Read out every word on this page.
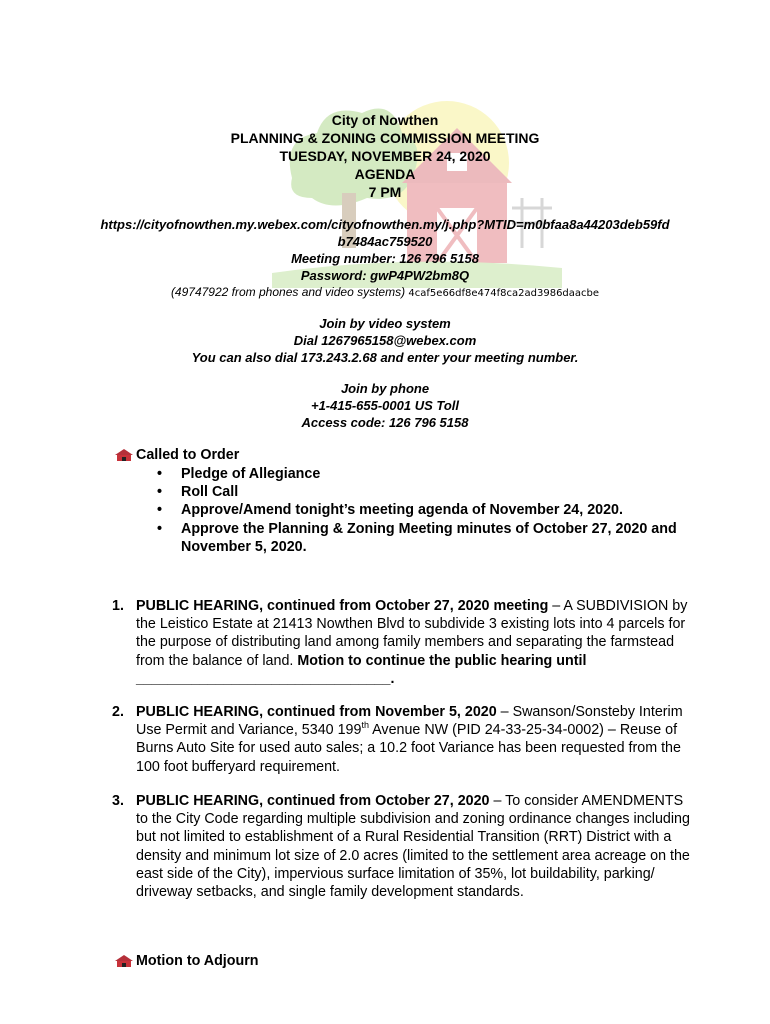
City of Nowthen
PLANNING & ZONING COMMISSION MEETING
TUESDAY, NOVEMBER 24, 2020
AGENDA
7 PM
https://cityofnowthen.my.webex.com/cityofnowthen.my/j.php?MTID=m0bfaa8a44203deb59fd
b7484ac759520
Meeting number: 126 796 5158
Password: gwP4PW2bm8Q
(49747922 from phones and video systems) 4caf5e66df8e474f8ca2ad3986daacbe
Join by video system
Dial 1267965158@webex.com
You can also dial 173.243.2.68 and enter your meeting number.
Join by phone
+1-415-655-0001 US Toll
Access code: 126 796 5158
Called to Order
• Pledge of Allegiance
• Roll Call
• Approve/Amend tonight’s meeting agenda of November 24, 2020.
• Approve the Planning & Zoning Meeting minutes of October 27, 2020 and November 5, 2020.
1. PUBLIC HEARING, continued from October 27, 2020 meeting – A SUBDIVISION by the Leistico Estate at 21413 Nowthen Blvd to subdivide 3 existing lots into 4 parcels for the purpose of distributing land among family members and separating the farmstead from the balance of land. Motion to continue the public hearing until ________________________________.
2. PUBLIC HEARING, continued from November 5, 2020 – Swanson/Sonsteby Interim Use Permit and Variance, 5340 199th Avenue NW (PID 24-33-25-34-0002) – Reuse of Burns Auto Site for used auto sales; a 10.2 foot Variance has been requested from the 100 foot bufferyard requirement.
3. PUBLIC HEARING, continued from October 27, 2020 – To consider AMENDMENTS to the City Code regarding multiple subdivision and zoning ordinance changes including but not limited to establishment of a Rural Residential Transition (RRT) District with a density and minimum lot size of 2.0 acres (limited to the settlement area acreage on the east side of the City), impervious surface limitation of 35%, lot buildability, parking/ driveway setbacks, and single family development standards.
Motion to Adjourn
